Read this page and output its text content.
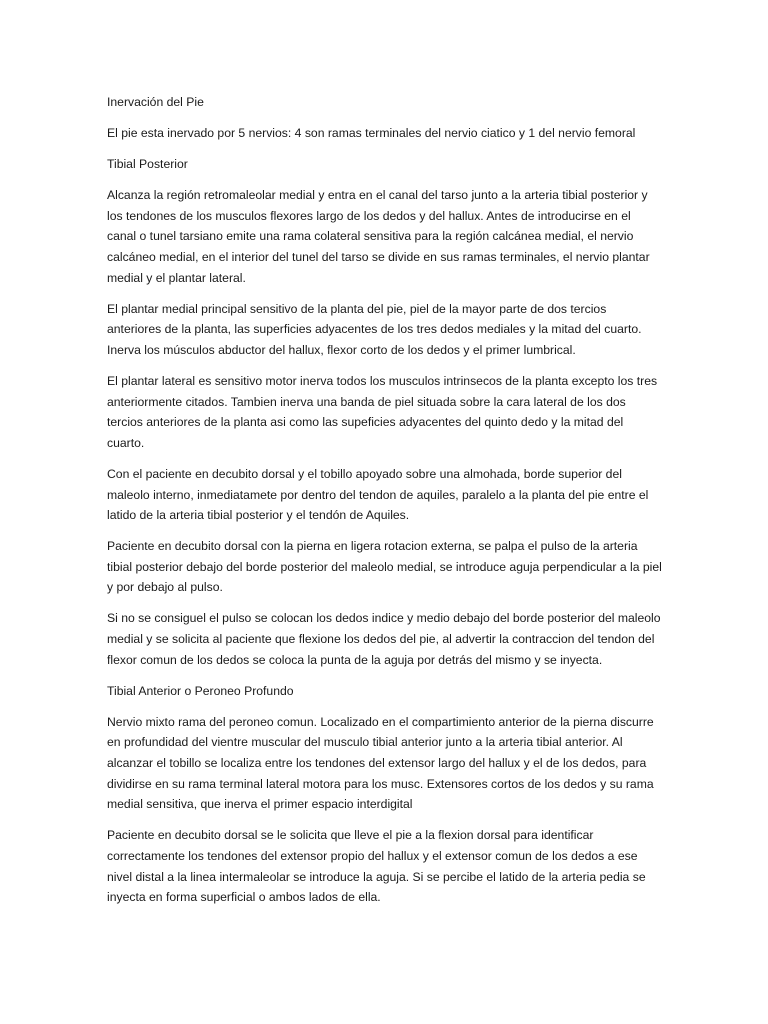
Inervación del Pie

El pie esta inervado por 5 nervios: 4 son ramas terminales del nervio ciatico y 1 del nervio femoral

Tibial Posterior

Alcanza la región retromaleolar medial y entra en el canal del tarso junto a la arteria tibial posterior y los tendones de los musculos flexores largo de los dedos y del hallux. Antes de introducirse en el canal o tunel tarsiano emite una rama colateral sensitiva para la región calcánea medial, el nervio calcáneo medial, en el interior del tunel del tarso se divide en sus ramas terminales, el nervio plantar medial y el plantar lateral.

El plantar medial principal sensitivo de la planta del pie, piel de la mayor parte de dos tercios anteriores de la planta, las superficies adyacentes de los tres dedos mediales y la mitad del cuarto. Inerva los músculos abductor del hallux, flexor corto de los dedos y el primer lumbrical.

El plantar lateral es sensitivo motor inerva todos los musculos intrinsecos de la planta excepto los tres anteriormente citados. Tambien inerva una banda de piel situada sobre la cara lateral de los dos tercios anteriores de la planta asi como las supeficies adyacentes del quinto dedo y la mitad del cuarto.

Con el paciente en decubito dorsal y el tobillo apoyado sobre una almohada, borde superior del maleolo interno, inmediatamete por dentro del tendon de aquiles, paralelo a la planta del pie entre el latido de la arteria tibial posterior y el tendón de Aquiles.

Paciente en decubito dorsal con la pierna en ligera rotacion externa, se palpa el pulso de la arteria tibial posterior debajo del borde posterior del maleolo medial, se introduce aguja perpendicular a la piel y por debajo al pulso.

Si no se consiguel el pulso se colocan los dedos indice y medio debajo del borde posterior del maleolo medial y se solicita al paciente que flexione los dedos del pie, al advertir la contraccion del tendon del flexor comun de los dedos se coloca la punta de la aguja por detrás del mismo y se inyecta.

Tibial Anterior o Peroneo Profundo

Nervio mixto rama del peroneo comun. Localizado en el compartimiento anterior de la pierna discurre en profundidad del vientre muscular del musculo tibial anterior junto a la arteria tibial anterior. Al alcanzar el tobillo se localiza entre los tendones del extensor largo del hallux y el de los dedos, para dividirse en su rama terminal lateral motora para los musc. Extensores cortos de los dedos y su rama medial sensitiva, que inerva el primer espacio interdigital

Paciente en decubito dorsal se le solicita que lleve el pie a la flexion dorsal para identificar correctamente los tendones del extensor propio del hallux y el extensor comun de los dedos a ese nivel distal a la linea intermaleolar se introduce la aguja. Si se percibe el latido de la arteria pedia se inyecta en forma superficial o ambos lados de ella.
